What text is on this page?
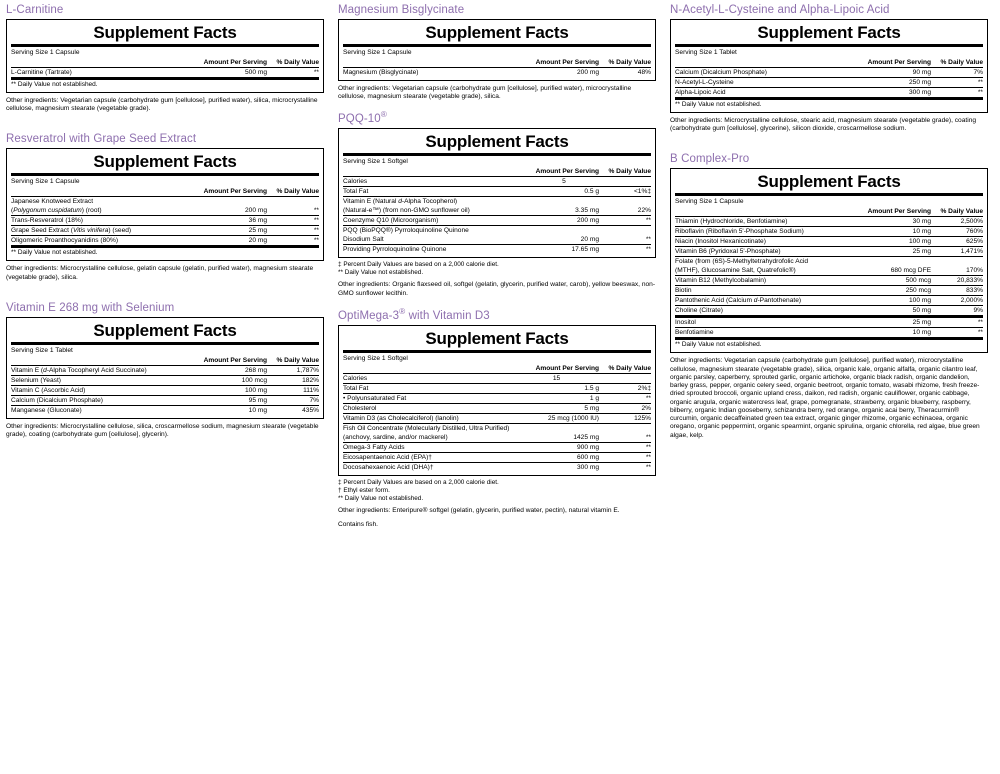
L-Carnitine
Supplement Facts
Serving Size 1 Capsule
	Amount Per Serving	% Daily Value
L-Carnitine (Tartrate)	500 mg	**
** Daily Value not established.		
Other ingredients: Vegetarian capsule (carbohydrate gum [cellulose], purified water), silica, microcrystalline cellulose, magnesium stearate (vegetable grade).
Resveratrol with Grape Seed Extract
Supplement Facts
Serving Size 1 Capsule
	Amount Per Serving	% Daily Value
Japanese Knotweed Extract		
(Polygonum cuspidatum) (root)	200 mg	**
Trans-Resveratrol (18%)	36 mg	**
Grape Seed Extract (Vitis vinifera) (seed)	25 mg	**
Oligomeric Proanthocyanidins (80%)	20 mg	**
** Daily Value not established.		
Other ingredients: Microcrystalline cellulose, gelatin capsule (gelatin, purified water), magnesium stearate (vegetable grade), silica.
Vitamin E 268 mg with Selenium
Supplement Facts
Serving Size 1 Tablet
	Amount Per Serving	% Daily Value
Vitamin E (d-Alpha Tocopheryl Acid Succinate)	268 mg	1,787%
Selenium (Yeast)	100 mcg	182%
Vitamin C (Ascorbic Acid)	100 mg	111%
Calcium (Dicalcium Phosphate)	95 mg	7%
Manganese (Gluconate)	10 mg	435%
Other ingredients: Microcrystalline cellulose, silica, croscarmellose sodium, magnesium stearate (vegetable grade), coating (carbohydrate gum [cellulose], glycerin).
Magnesium Bisglycinate
Supplement Facts
Serving Size 1 Capsule
	Amount Per Serving	% Daily Value
Magnesium (Bisglycinate)	200 mg	48%
Other ingredients: Vegetarian capsule (carbohydrate gum [cellulose], purified water), microcrystalline cellulose, magnesium stearate (vegetable grade), silica.
PQQ-10®
Supplement Facts
Serving Size 1 Softgel
	Amount Per Serving	% Daily Value
Calories	5	
Total Fat	0.5 g	<1%‡
Vitamin E (Natural d-Alpha Tocopherol)		
(Natural-e™) (from non-GMO sunflower oil)	3.35 mg	22%
Coenzyme Q10 (Microorganism)	200 mg	**
PQQ (BioPQQ®) Pyrroloquinoline Quinone		
Disodium Salt	20 mg	**
Providing Pyrroloquinoline Quinone	17.65 mg	**
‡ Percent Daily Values are based on a 2,000 calorie diet.
** Daily Value not established.
Other ingredients: Organic flaxseed oil, softgel (gelatin, glycerin, purified water, carob), yellow beeswax, non-GMO sunflower lecithin.
OptiMega-3® with Vitamin D3
Supplement Facts
Serving Size 1 Softgel
	Amount Per Serving	% Daily Value
Calories	15	
Total Fat	1.5 g	2%‡
• Polyunsaturated Fat	1 g	**
Cholesterol	5 mg	2%
Vitamin D3 (as Cholecalciferol) (lanolin)	25 mcg (1000 IU)	125%
Fish Oil Concentrate (Molecularly Distilled, Ultra Purified)		
(anchovy, sardine, and/or mackerel)	1425 mg	**
Omega-3 Fatty Acids	900 mg	**
Eicosapentaenoic Acid (EPA)†	600 mg	**
Docosahexaenoic Acid (DHA)†	300 mg	**
‡ Percent Daily Values are based on a 2,000 calorie diet.
† Ethyl ester form.
** Daily Value not established.
Other ingredients: Enteripure® softgel (gelatin, glycerin, purified water, pectin), natural vitamin E.
Contains fish.
N-Acetyl-L-Cysteine and Alpha-Lipoic Acid
Supplement Facts
Serving Size 1 Tablet
	Amount Per Serving	% Daily Value
Calcium (Dicalcium Phosphate)	90 mg	7%
N-Acetyl-L-Cysteine	250 mg	**
Alpha-Lipoic Acid	300 mg	**
** Daily Value not established.		
Other ingredients: Microcrystalline cellulose, stearic acid, magnesium stearate (vegetable grade), coating (carbohydrate gum [cellulose], glycerine), silicon dioxide, croscarmellose sodium.
B Complex-Pro
Supplement Facts
Serving Size 1 Capsule
	Amount Per Serving	% Daily Value
Thiamin (Hydrochloride, Benfotiamine)	30 mg	2,500%
Riboflavin (Riboflavin 5'-Phosphate Sodium)	10 mg	760%
Niacin (Inositol Hexanicotinate)	100 mg	625%
Vitamin B6 (Pyridoxal 5'-Phosphate)	25 mg	1,471%
Folate (from (6S)-5-Methyltetrahydrofolic Acid		
(MTHF), Glucosamine Salt, Quatrefolic®)	680 mcg DFE	170%
Vitamin B12 (Methylcobalamin)	500 mcg	20,833%
Biotin	250 mcg	833%
Pantothenic Acid (Calcium d-Pantothenate)	100 mg	2,000%
Choline (Citrate)	50 mg	9%
Inositol	25 mg	**
Benfotiamine	10 mg	**
** Daily Value not established.		
Other ingredients: Vegetarian capsule (carbohydrate gum [cellulose], purified water), microcrystalline cellulose, magnesium stearate (vegetable grade), silica, organic kale, organic alfalfa, organic cilantro leaf, organic parsley, caperberry, sprouted garlic, organic artichoke, organic black radish, organic dandelion, barley grass, pepper, organic celery seed, organic beetroot, organic tomato, wasabi rhizome, fresh freeze-dried sprouted broccoli, organic upland cress, daikon, red radish, organic cauliflower, organic cabbage, organic arugula, organic watercress leaf, grape, pomegranate, strawberry, organic blueberry, raspberry, bilberry, organic Indian gooseberry, schizandra berry, red orange, organic acai berry, Theracurmin® curcumin, organic decaffeinated green tea extract, organic ginger rhizome, organic echinacea, organic oregano, organic peppermint, organic spearmint, organic spirulina, organic chlorella, red algae, blue green algae, kelp.
